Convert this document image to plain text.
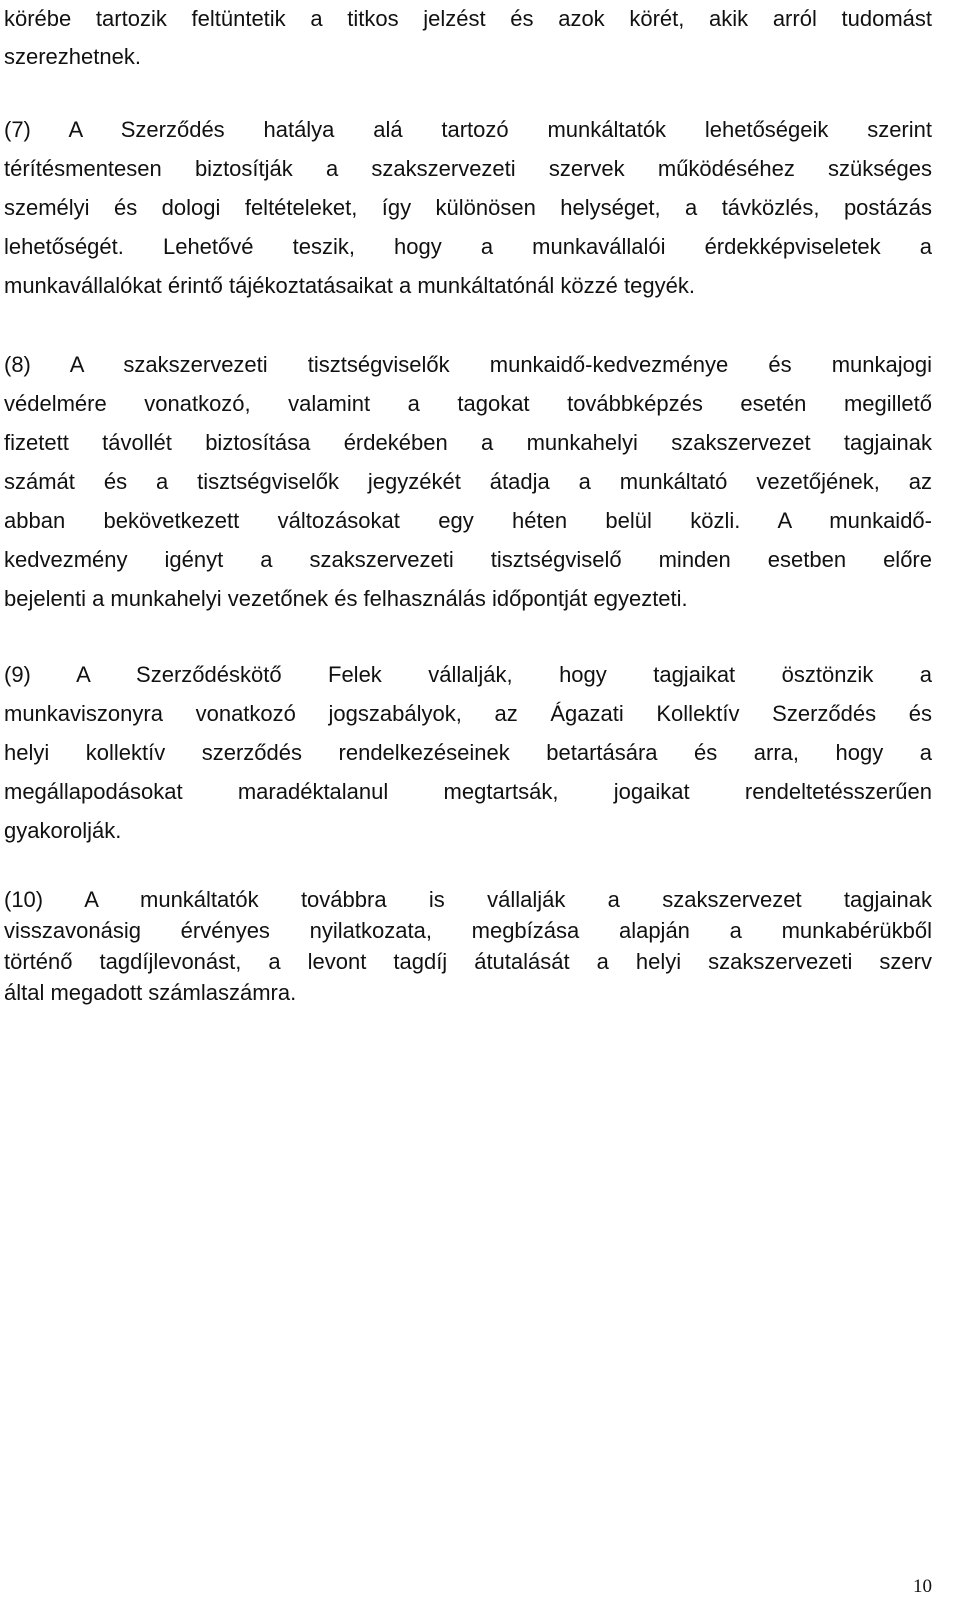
körébe tartozik feltüntetik a titkos jelzést és azok körét, akik arról tudomást
szerezhetnek.
(7) A Szerződés hatálya alá tartozó munkáltatók lehetőségeik szerint
térítésmentesen biztosítják a szakszervezeti szervek működéséhez szükséges
személyi és dologi feltételeket, így különösen helységet, a távközlés, postázás
lehetőségét. Lehetővé teszik, hogy a munkavállalói érdekképviseletek a
munkavállalókat érintő tájékoztatásaikat a munkáltatónál közzé tegyék.
(8) A szakszervezeti tisztségviselők munkaidő-kedvezménye és munkajogi
védelmére vonatkozó, valamint a tagokat továbbképzés esetén megillető
fizetett távollét biztosítása érdekében a munkahelyi szakszervezet tagjainak
számát és a tisztségviselők jegyzékét átadja a munkáltató vezetőjének, az
abban bekövetkezett változásokat egy héten belül közli. A munkaidő-
kedvezmény igényt a szakszervezeti tisztségviselő minden esetben előre
bejelenti a munkahelyi vezetőnek és felhasználás időpontját egyezteti.
(9) A Szerződéskötő Felek vállalják, hogy tagjaikat ösztönzik a
munkaviszonyra vonatkozó jogszabályok, az Ágazati Kollektív Szerződés és
helyi kollektív szerződés rendelkezéseinek betartására és arra, hogy a
megállapodásokat maradéktalanul megtartsák, jogaikat rendeltetésszerűen
gyakorolják.
(10) A munkáltatók továbbra is vállalják a szakszervezet tagjainak
visszavonásig érvényes nyilatkozata, megbízása alapján a munkabérükből
történő tagdíjlevonást, a levont tagdíj átutalását a helyi szakszervezeti szerv
által megadott számlaszámra.
10
